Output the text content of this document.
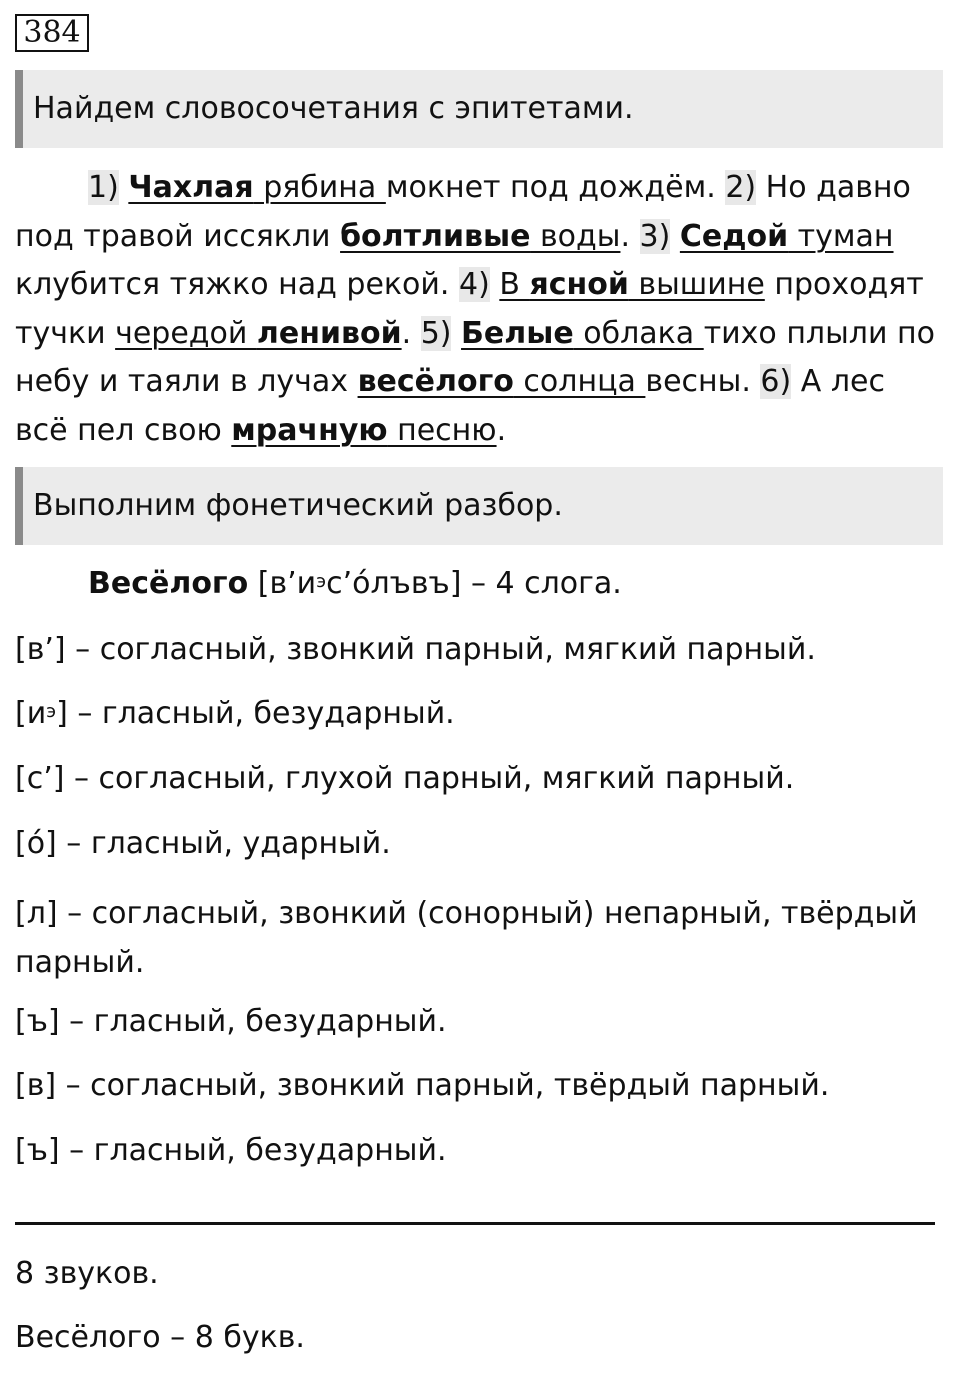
384
Найдем словосочетания с эпитетами.
1) Чахлая рябина мокнет под дождём. 2) Но давно под травой иссякли болтливые воды. 3) Седой туман клубится тяжко над рекой. 4) В ясной вышине проходят тучки чередой ленивой. 5) Белые облака тихо плыли по небу и таяли в лучах весёлого солнца весны. 6) А лес всё пел свою мрачную песню.
Выполним фонетический разбор.
Весёлого $[в’и^эс’óлъвъ] - 4$ слога.
[в’] – согласный, звонкий парный, мягкий парный.
$[и^э]$ – гласный, безударный.
[с’] – согласный, глухой парный, мягкий парный.
[ó] – гласный, ударный.
[л] – согласный, звонкий (сонорный) непарный, твёрдый парный.
[ъ] – гласный, безударный.
[в] – согласный, звонкий парный, твёрдый парный.
[ъ] – гласный, безударный.
8 звуков.
Весёлого – 8 букв.
